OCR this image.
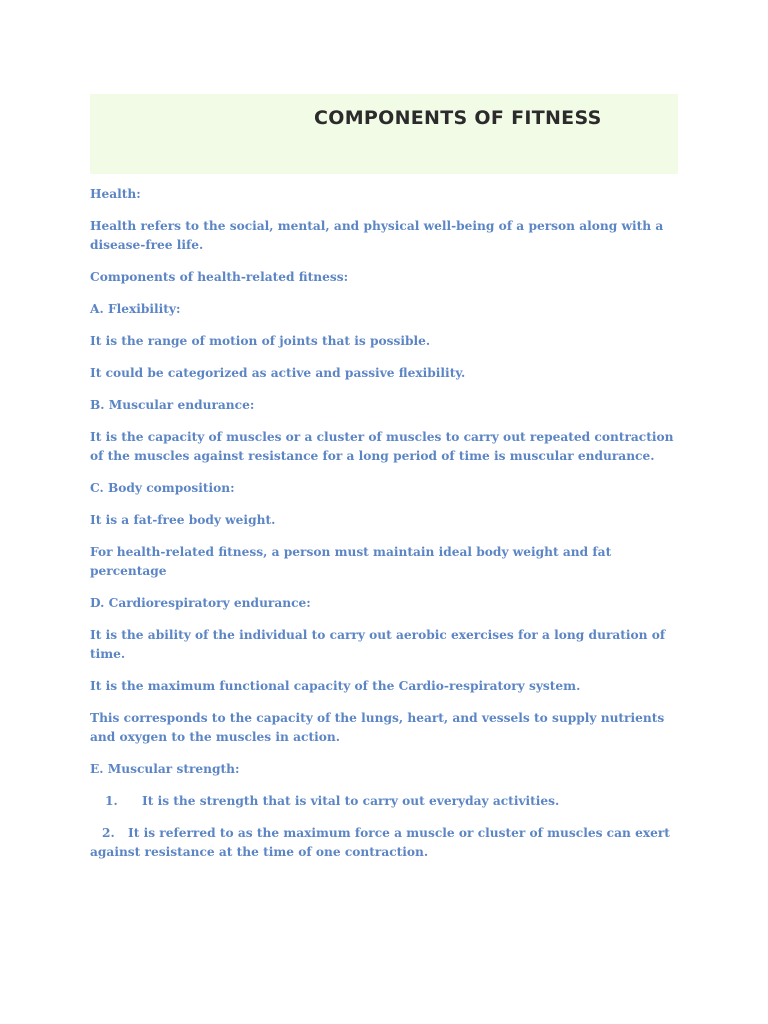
COMPONENTS OF FITNESS

Health:

Health refers to the social, mental, and physical well-being of a person along with a disease-free life.

Components of health-related fitness:

A. Flexibility:

It is the range of motion of joints that is possible.

It could be categorized as active and passive flexibility.

B. Muscular endurance:

It is the capacity of muscles or a cluster of muscles to carry out repeated contraction of the muscles against resistance for a long period of time is muscular endurance.

C. Body composition:

It is a fat-free body weight.

For health-related fitness, a person must maintain ideal body weight and fat percentage

D. Cardiorespiratory endurance:

It is the ability of the individual to carry out aerobic exercises for a long duration of time.

It is the maximum functional capacity of the Cardio-respiratory system.

This corresponds to the capacity of the lungs, heart, and vessels to supply nutrients and oxygen to the muscles in action.

E. Muscular strength:

1. It is the strength that is vital to carry out everyday activities.

2. It is referred to as the maximum force a muscle or cluster of muscles can exert against resistance at the time of one contraction.
